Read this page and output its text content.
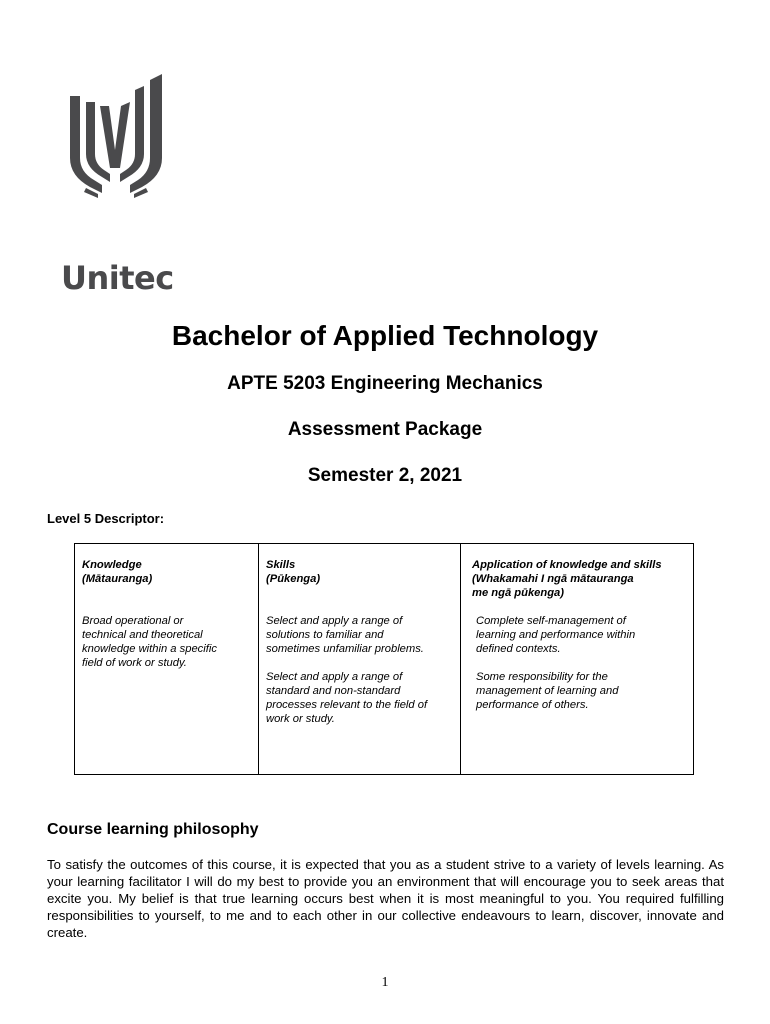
Unitec
Bachelor of Applied Technology
APTE 5203 Engineering Mechanics
Assessment Package
Semester 2, 2021
Level 5 Descriptor:
Knowledge
(Mātauranga)

Broad operational or
technical and theoretical
knowledge within a specific
field of work or study.

Skills
(Pūkenga)

Select and apply a range of
solutions to familiar and
sometimes unfamiliar problems.

Select and apply a range of
standard and non-standard
processes relevant to the field of
work or study.

Application of knowledge and skills
(Whakamahi I ngā mātauranga
me ngā pūkenga)

Complete self-management of
learning and performance within
defined contexts.

Some responsibility for the
management of learning and
performance of others.

Course learning philosophy
To satisfy the outcomes of this course, it is expected that you as a student strive to a variety of levels learning. As your learning facilitator I will do my best to provide you an environment that will encourage you to seek areas that excite you. My belief is that true learning occurs best when it is most meaningful to you. You required fulfilling responsibilities to yourself, to me and to each other in our collective endeavours to learn, discover, innovate and create.
1
